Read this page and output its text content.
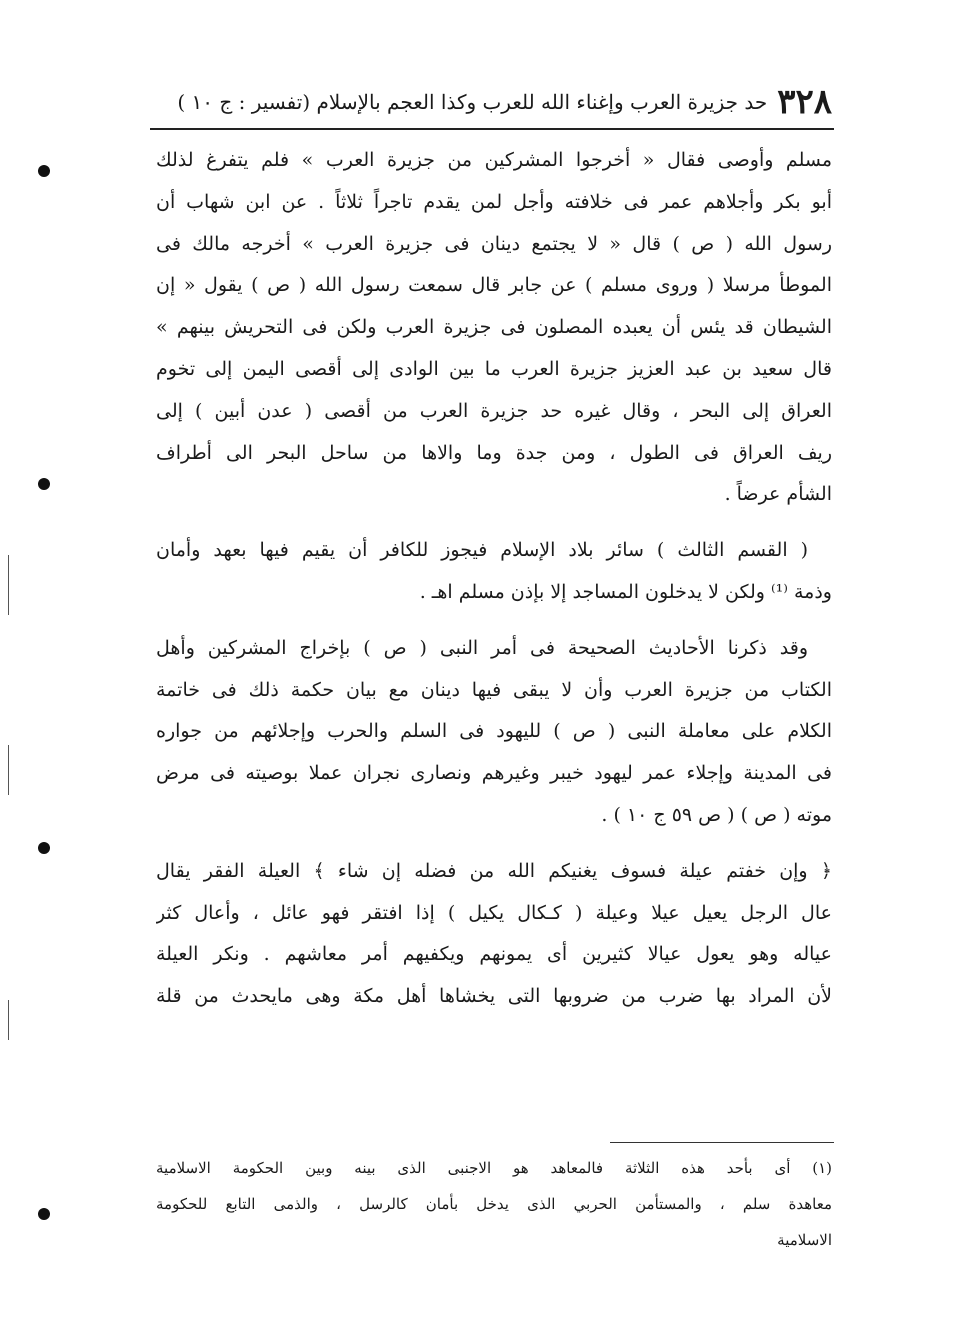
٣٢٨
حد جزيرة العرب وإغناء الله للعرب وكذا العجم بالإسلام (تفسير : ج ١٠ )
مسلم وأوصى فقال « أخرجوا المشركين من جزيرة العرب » فلم يتفرغ لذلك
أبو بكر وأجلاهم عمر فى خلافته وأجل لمن يقدم تاجراً ثلاثاً . عن ابن شهاب أن
رسول الله ( ص ) قال « لا يجتمع دينان فى جزيرة العرب » أخرجه مالك فى
الموطأ مرسلا ( وروى مسلم ) عن جابر قال سمعت رسول الله ( ص ) يقول « إن
الشيطان قد يئس أن يعبده المصلون فى جزيرة العرب ولكن فى التحريش بينهم »
قال سعيد بن عبد العزيز جزيرة العرب ما بين الوادى إلى أقصى اليمن إلى تخوم
العراق إلى البحر ، وقال غيره حد جزيرة العرب من أقصى ( عدن أبين ) إلى
ريف العراق فى الطول ، ومن جدة وما والاها من ساحل البحر الى أطراف
الشأم عرضاً .
( القسم الثالث ) سائر بلاد الإسلام فيجوز للكافر أن يقيم فيها بعهد وأمان
وذمة ⁽¹⁾ ولكن لا يدخلون المساجد إلا بإذن مسلم اهـ .
وقد ذكرنا الأحاديث الصحيحة فى أمر النبى ( ص ) بإخراج المشركين وأهل
الكتاب من جزيرة العرب وأن لا يبقى فيها دينان مع بيان حكمة ذلك فى خاتمة
الكلام على معاملة النبى ( ص ) لليهود فى السلم والحرب وإجلائهم من جواره
فى المدينة وإجلاء عمر ليهود خيبر وغيرهم ونصارى نجران عملا بوصيته فى مرض
موته ( ص ) ( ص ٥٩ ج ١٠ ) .
﴿ وإن خفتم عيلة فسوف يغنيكم الله من فضله إن شاء ﴾ العيلة الفقر يقال
عال الرجل يعيل عيلا وعيلة ( كـكال يكيل ) إذا افتقر فهو عائل ، وأعال كثر
عياله وهو يعول عيالا كثيرين أى يمونهم ويكفيهم أمر معاشهم . ونكر العيلة
لأن المراد بها ضرب من ضروبها التى يخشاها أهل مكة وهى مايحدث من قلة
(١) أى بأحد هذه الثلاثة فالمعاهد هو الاجنبى الذى بينه وبين الحكومة الاسلامية
معاهدة سلم ، والمستأمن الحربي الذى يدخل بأمان كالرسل ، والذمى التابع للحكومة
الاسلامية
